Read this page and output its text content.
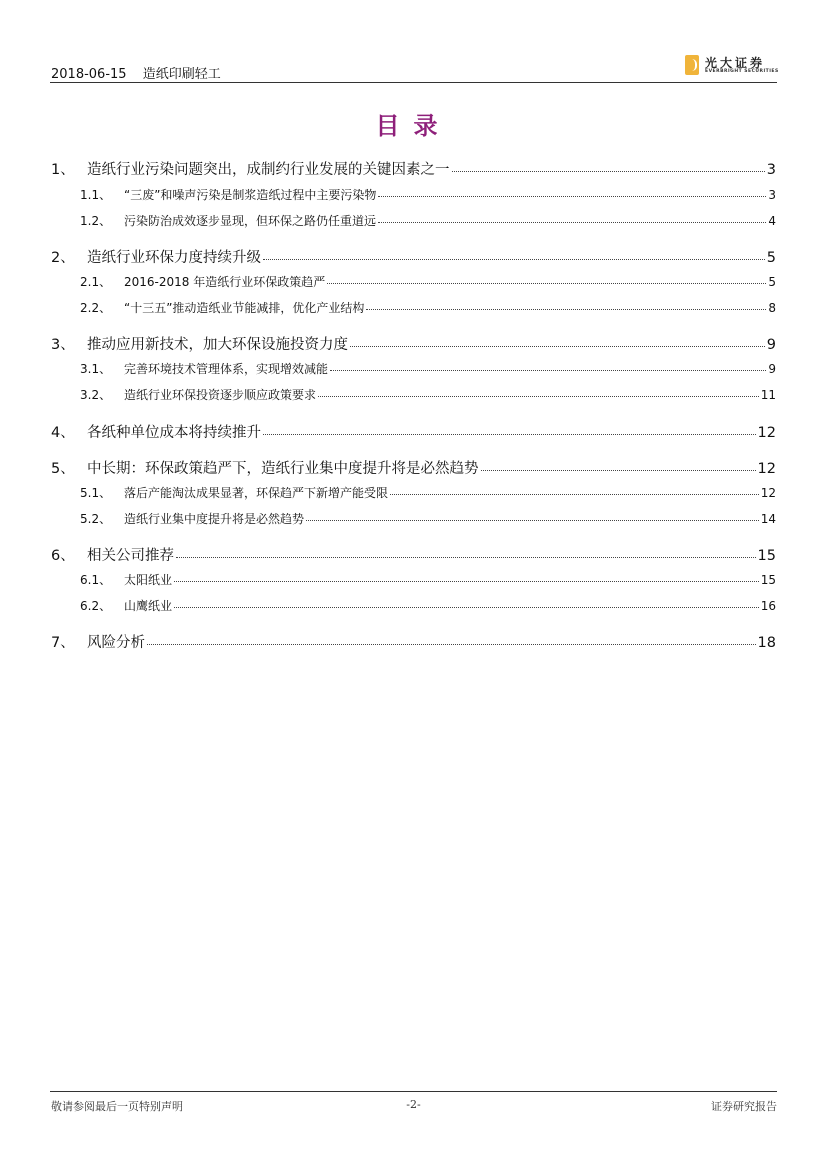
2018-06-15 造纸印刷轻工
光大证券
EVERBRIGHT SECURITIES
目录
1、 造纸行业污染问题突出，成制约行业发展的关键因素之一	3
1.1、	“三废”和噪声污染是制浆造纸过程中主要污染物	3
1.2、	污染防治成效逐步显现，但环保之路仍任重道远	4
2、 造纸行业环保力度持续升级	5
2.1、	2016-2018 年造纸行业环保政策趋严	5
2.2、	“十三五”推动造纸业节能减排，优化产业结构	8
3、 推动应用新技术，加大环保设施投资力度	9
3.1、	完善环境技术管理体系，实现增效减能	9
3.2、	造纸行业环保投资逐步顺应政策要求	11
4、 各纸种单位成本将持续推升	12
5、 中长期：环保政策趋严下，造纸行业集中度提升将是必然趋势	12
5.1、	落后产能淘汰成果显著，环保趋严下新增产能受限	12
5.2、	造纸行业集中度提升将是必然趋势	14
6、 相关公司推荐	15
6.1、	太阳纸业	15
6.2、	山鹰纸业	16
7、 风险分析	18
敬请参阅最后一页特别声明	-2-	证券研究报告
